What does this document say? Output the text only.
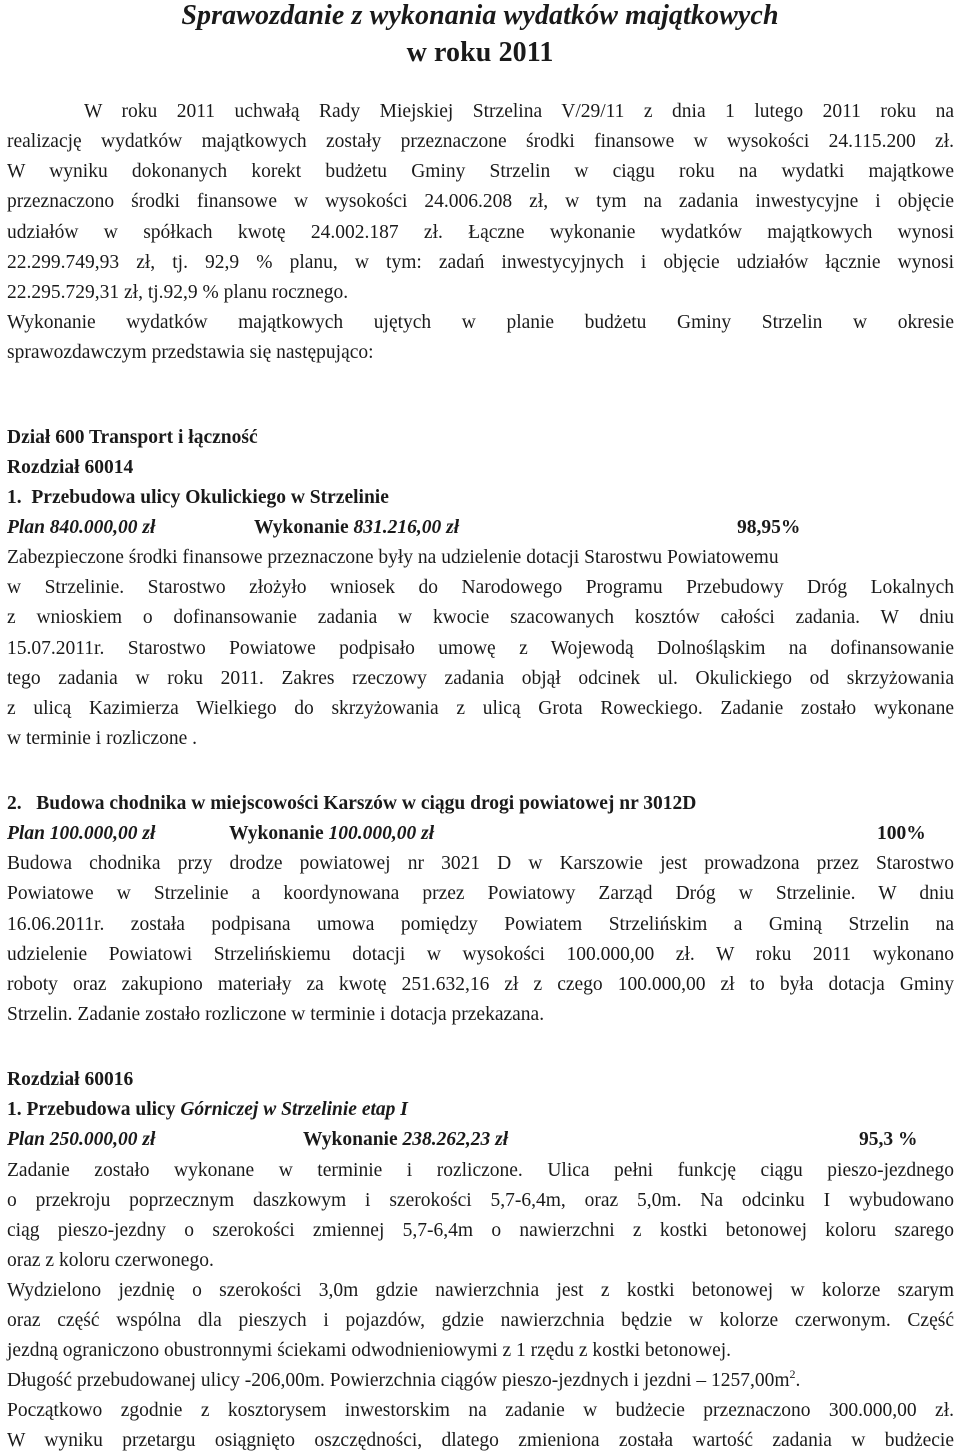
Sprawozdanie z wykonania wydatków majątkowych
w roku 2011
W roku 2011 uchwałą Rady Miejskiej Strzelina V/29/11 z dnia 1 lutego 2011 roku na
realizację wydatków majątkowych zostały przeznaczone środki finansowe w wysokości 24.115.200 zł.
W wyniku dokonanych korekt budżetu Gminy Strzelin w ciągu roku na wydatki majątkowe
przeznaczono środki finansowe w wysokości 24.006.208 zł, w tym na zadania inwestycyjne i objęcie
udziałów w spółkach kwotę 24.002.187 zł. Łączne wykonanie wydatków majątkowych wynosi
22.299.749,93 zł, tj. 92,9 % planu, w tym: zadań inwestycyjnych i objęcie udziałów łącznie wynosi
22.295.729,31 zł, tj.92,9 % planu rocznego.
Wykonanie wydatków majątkowych ujętych w planie budżetu Gminy Strzelin w okresie
sprawozdawczym przedstawia się następująco:
Dział 600 Transport i łączność
Rozdział 60014
1. Przebudowa ulicy Okulickiego w Strzelinie
Plan 840.000,00 zł	Wykonanie 831.216,00 zł	98,95%
Zabezpieczone środki finansowe przeznaczone były na udzielenie dotacji Starostwu Powiatowemu
w Strzelinie. Starostwo złożyło wniosek do Narodowego Programu Przebudowy Dróg Lokalnych
z wnioskiem o dofinansowanie zadania w kwocie szacowanych kosztów całości zadania. W dniu
15.07.2011r. Starostwo Powiatowe podpisało umowę z Wojewodą Dolnośląskim na dofinansowanie
tego zadania w roku 2011. Zakres rzeczowy zadania objął odcinek ul. Okulickiego od skrzyżowania
z ulicą Kazimierza Wielkiego do skrzyżowania z ulicą Grota Roweckiego. Zadanie zostało wykonane
w terminie i rozliczone .
2. Budowa chodnika w miejscowości Karszów w ciągu drogi powiatowej nr 3012D
Plan 100.000,00 zł	Wykonanie 100.000,00 zł	100%
Budowa chodnika przy drodze powiatowej nr 3021 D w Karszowie jest prowadzona przez Starostwo
Powiatowe w Strzelinie a koordynowana przez Powiatowy Zarząd Dróg w Strzelinie. W dniu
16.06.2011r. została podpisana umowa pomiędzy Powiatem Strzelińskim a Gminą Strzelin na
udzielenie Powiatowi Strzelińskiemu dotacji w wysokości 100.000,00 zł. W roku 2011 wykonano
roboty oraz zakupiono materiały za kwotę 251.632,16 zł z czego 100.000,00 zł to była dotacja Gminy
Strzelin. Zadanie zostało rozliczone w terminie i dotacja przekazana.
Rozdział 60016
1. Przebudowa ulicy Górniczej w Strzelinie etap I
Plan 250.000,00 zł	Wykonanie 238.262,23 zł	95,3 %
Zadanie zostało wykonane w terminie i rozliczone. Ulica pełni funkcję ciągu pieszo-jezdnego
o przekroju poprzecznym daszkowym i szerokości 5,7-6,4m, oraz 5,0m. Na odcinku I wybudowano
ciąg pieszo-jezdny o szerokości zmiennej 5,7-6,4m o nawierzchni z kostki betonowej koloru szarego
oraz z koloru czerwonego.
Wydzielono jezdnię o szerokości 3,0m gdzie nawierzchnia jest z kostki betonowej w kolorze szarym
oraz część wspólna dla pieszych i pojazdów, gdzie nawierzchnia będzie w kolorze czerwonym. Część
jezdną ograniczono obustronnymi ściekami odwodnieniowymi z 1 rzędu z kostki betonowej.
Długość przebudowanej ulicy -206,00m. Powierzchnia ciągów pieszo-jezdnych i jezdni – $1257,00m^2$.
Początkowo zgodnie z kosztorysem inwestorskim na zadanie w budżecie przeznaczono 300.000,00 zł.
W wyniku przetargu osiągnięto oszczędności, dlatego zmieniona została wartość zadania w budżecie
